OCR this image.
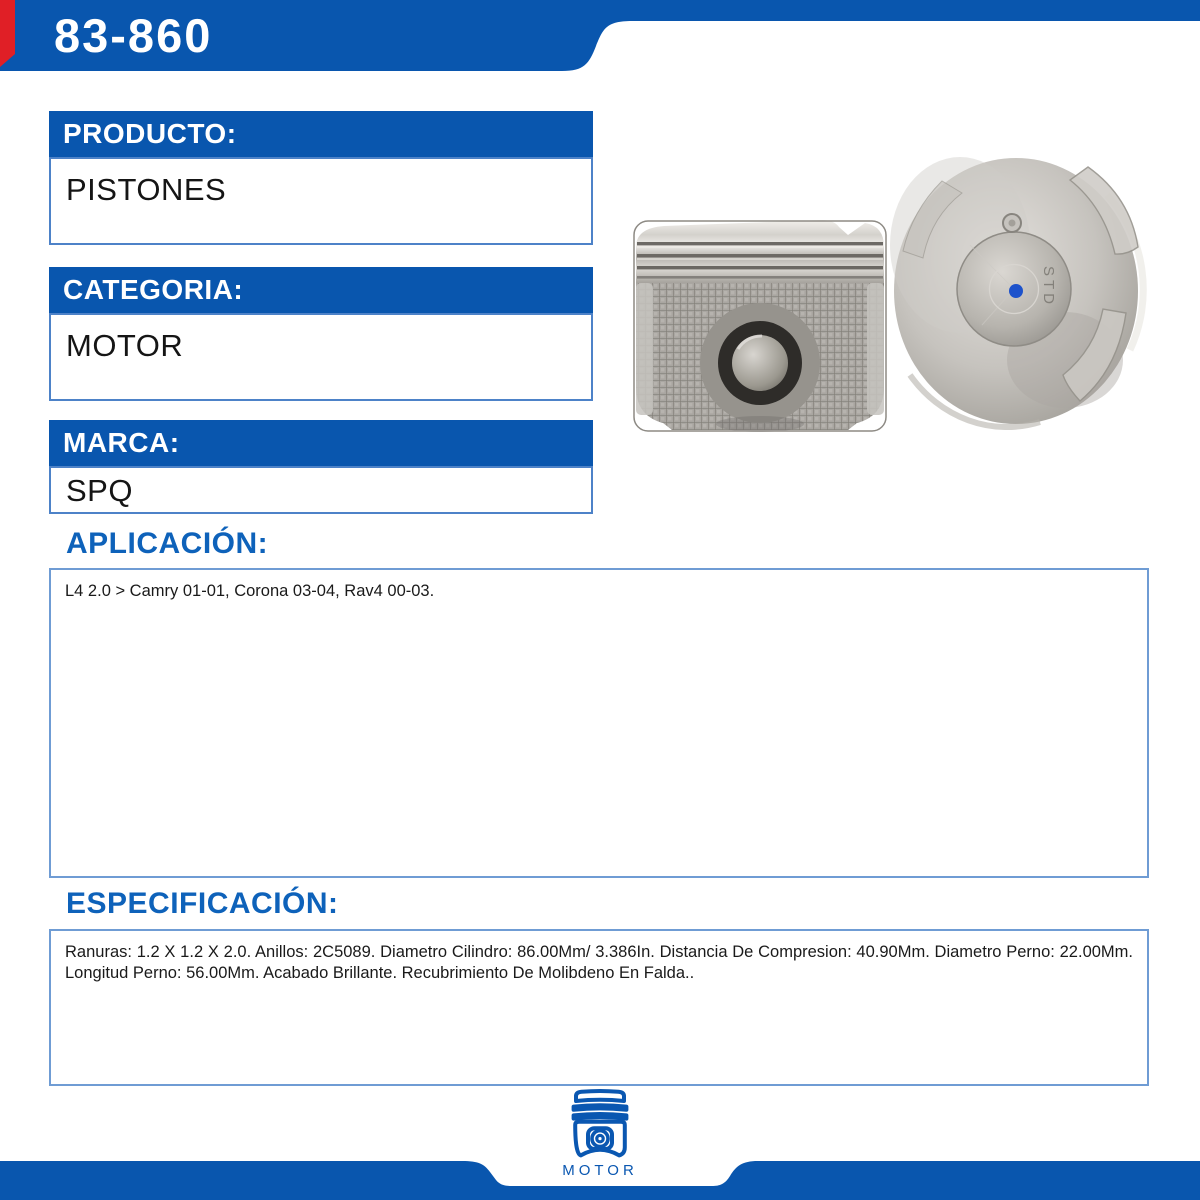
83-860
PRODUCTO:
PISTONES
CATEGORIA:
MOTOR
MARCA:
SPQ
STD
APLICACIÓN:
L4 2.0 > Camry 01-01, Corona 03-04, Rav4 00-03.
ESPECIFICACIÓN:
Ranuras: 1.2 X 1.2 X 2.0. Anillos: 2C5089. Diametro Cilindro: 86.00Mm/ 3.386In. Distancia De Compresion: 40.90Mm. Diametro Perno: 22.00Mm. Longitud Perno: 56.00Mm. Acabado Brillante. Recubrimiento De Molibdeno En Falda..
MOTOR
